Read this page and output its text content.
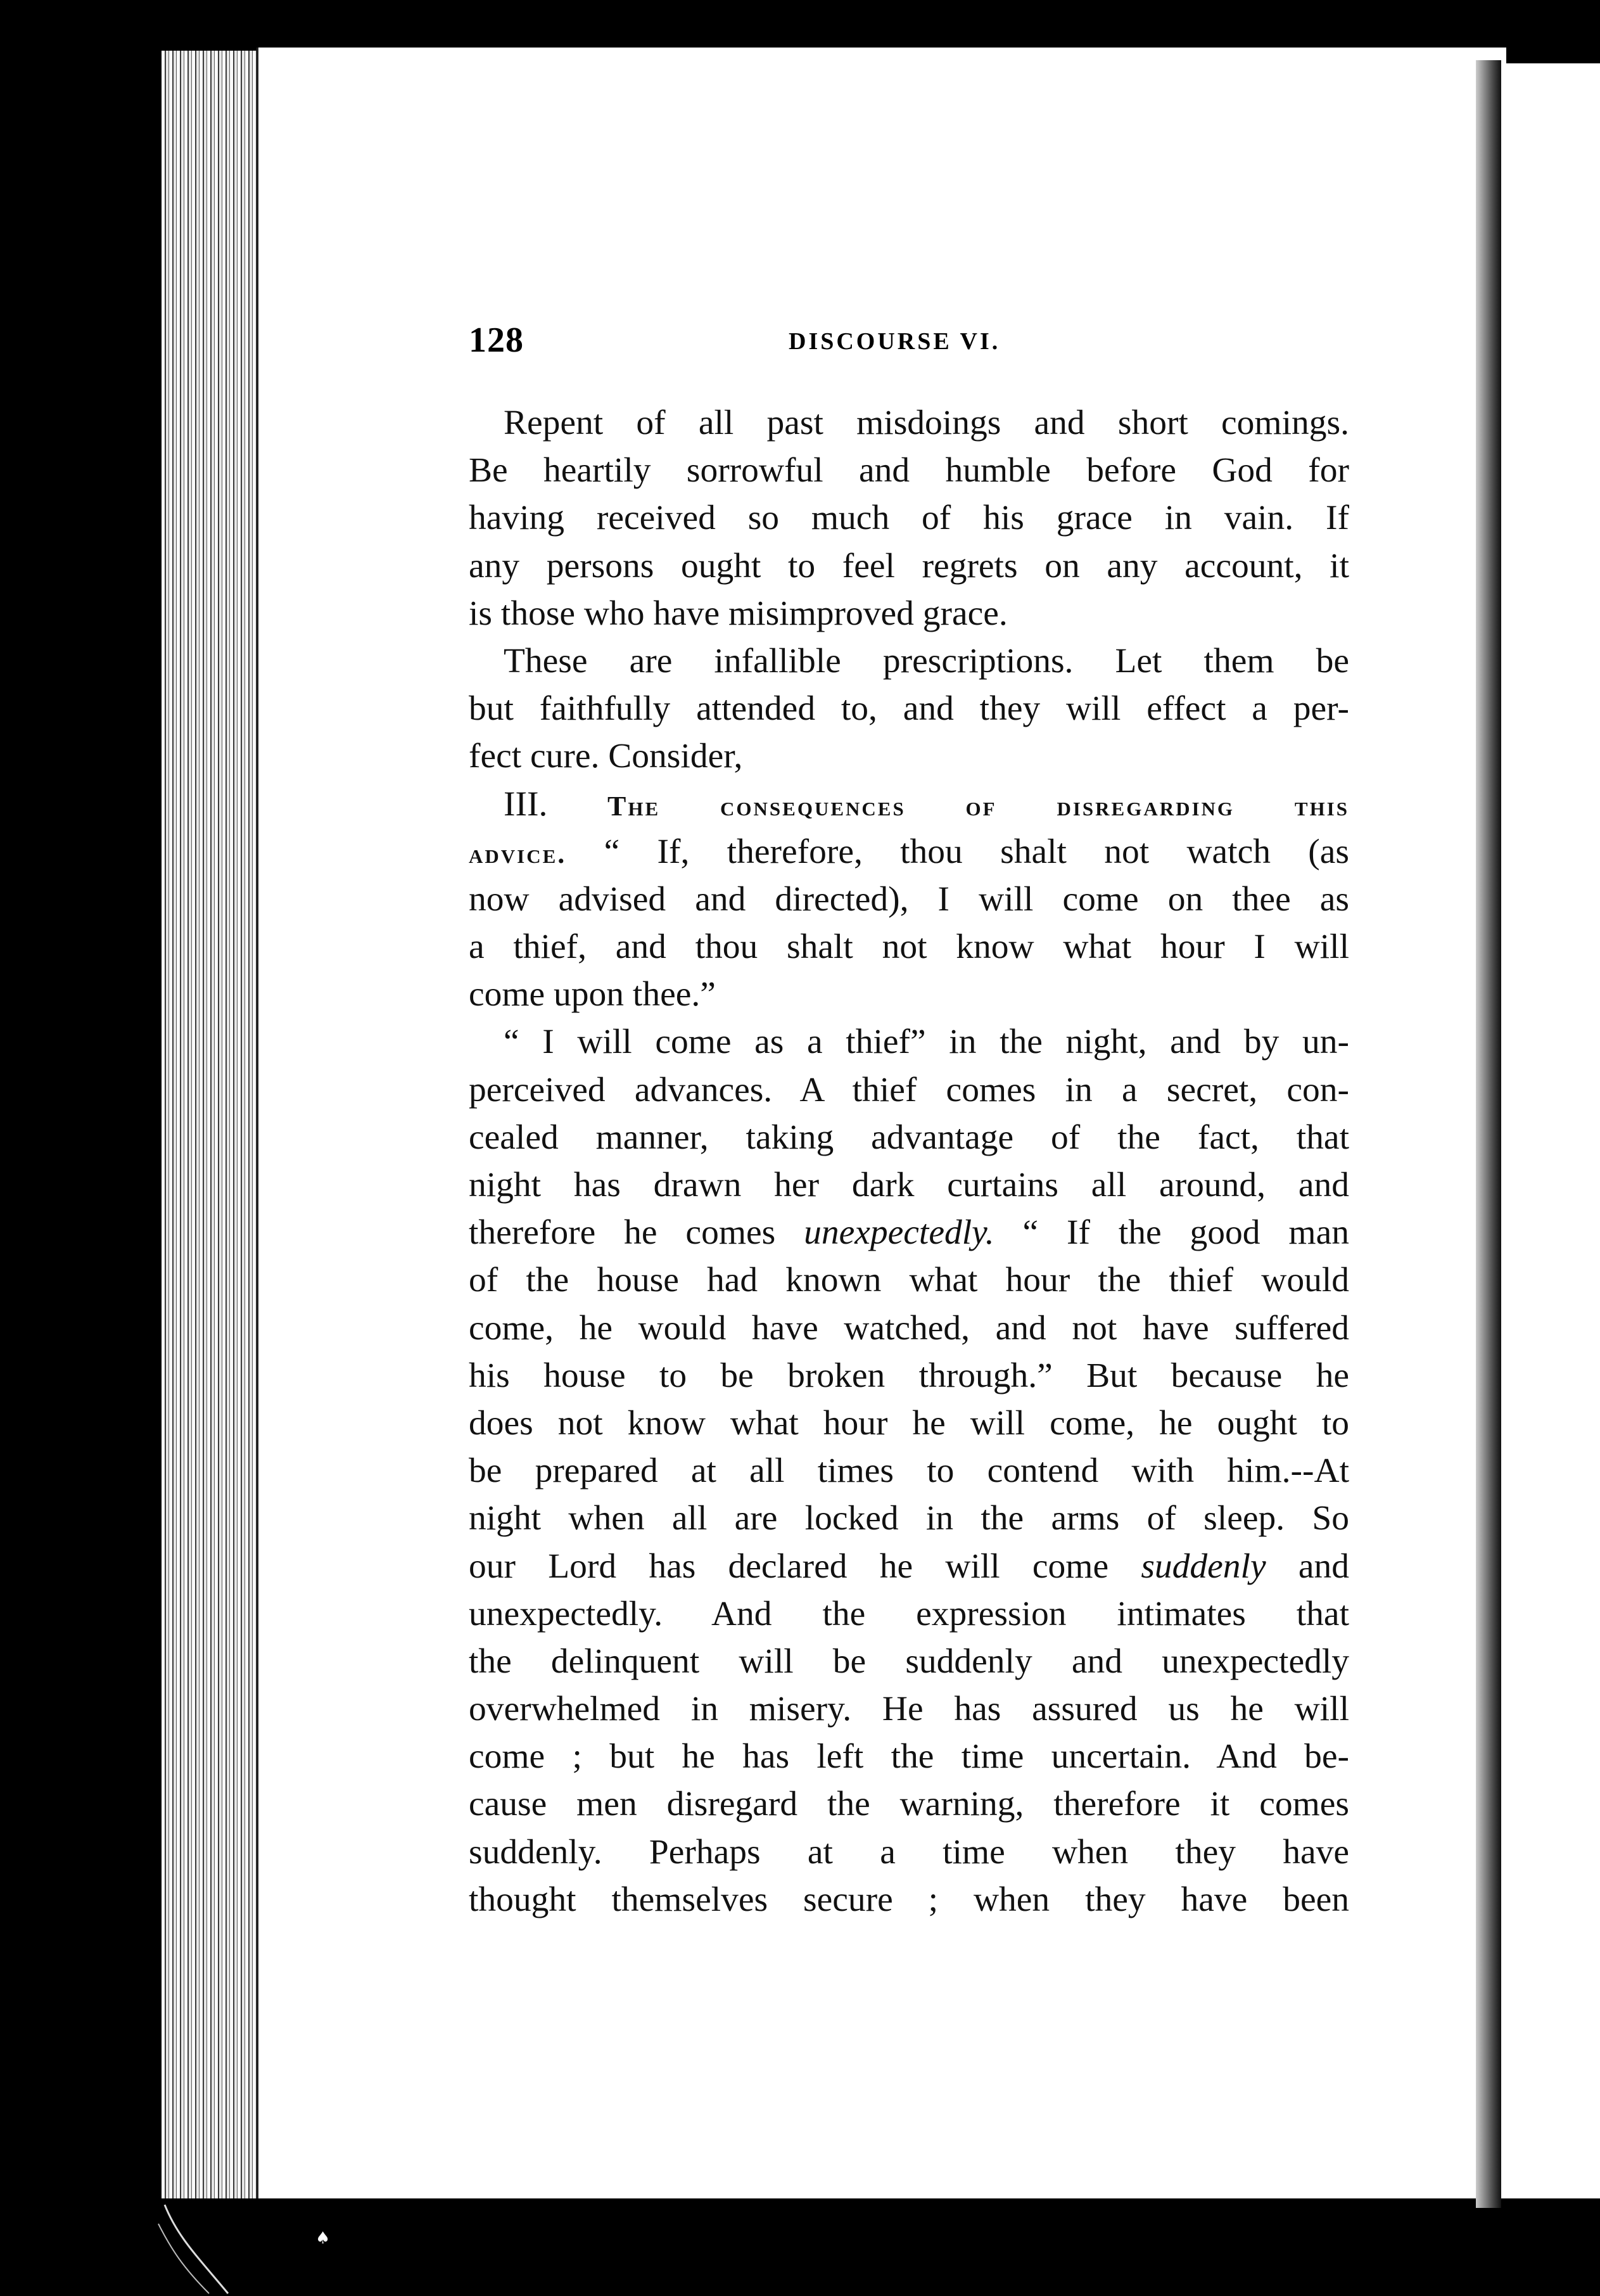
♠
128	DISCOURSE VI.
Repent of all past misdoings and short comings.
Be heartily sorrowful and humble before God for
having received so much of his grace in vain. If
any persons ought to feel regrets on any account, it
is those who have misimproved grace.
These are infallible prescriptions. Let them be
but faithfully attended to, and they will effect a per-
fect cure. Consider,
III. The consequences of disregarding this
advice. “ If, therefore, thou shalt not watch (as
now advised and directed), I will come on thee as
a thief, and thou shalt not know what hour I will
come upon thee.”
“ I will come as a thief” in the night, and by un-
perceived advances. A thief comes in a secret, con-
cealed manner, taking advantage of the fact, that
night has drawn her dark curtains all around, and
therefore he comes unexpectedly. “ If the good man
of the house had known what hour the thief would
come, he would have watched, and not have suffered
his house to be broken through.” But because he
does not know what hour he will come, he ought to
be prepared at all times to contend with him.--At
night when all are locked in the arms of sleep. So
our Lord has declared he will come suddenly and
unexpectedly. And the expression intimates that
the delinquent will be suddenly and unexpectedly
overwhelmed in misery. He has assured us he will
come ; but he has left the time uncertain. And be-
cause men disregard the warning, therefore it comes
suddenly. Perhaps at a time when they have
thought themselves secure ; when they have been
